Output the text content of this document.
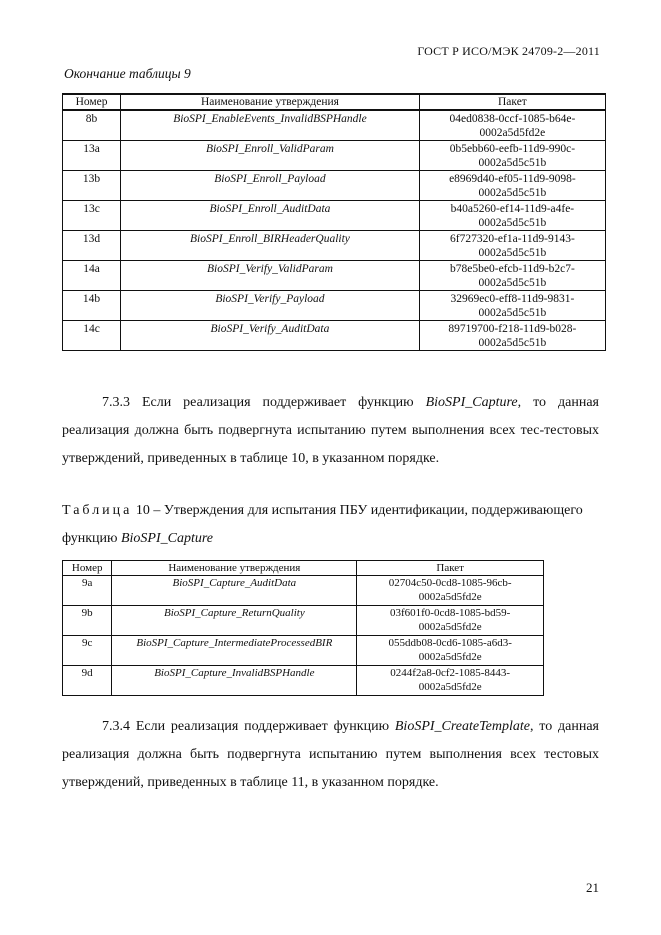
ГОСТ Р ИСО/МЭК 24709-2—2011
Окончание таблицы 9
Номер	Наименование утверждения	Пакет
8b	BioSPI_EnableEvents_InvalidBSPHandle	04ed0838-0ccf-1085-b64e-
0002a5d5fd2e

13a	BioSPI_Enroll_ValidParam	0b5ebb60-eefb-11d9-990c-
0002a5d5c51b

13b	BioSPI_Enroll_Payload	e8969d40-ef05-11d9-9098-
0002a5d5c51b

13c	BioSPI_Enroll_AuditData	b40a5260-ef14-11d9-a4fe-
0002a5d5c51b

13d	BioSPI_Enroll_BIRHeaderQuality	6f727320-ef1a-11d9-9143-
0002a5d5c51b

14a	BioSPI_Verify_ValidParam	b78e5be0-efcb-11d9-b2c7-
0002a5d5c51b

14b	BioSPI_Verify_Payload	32969ec0-eff8-11d9-9831-
0002a5d5c51b

14c	BioSPI_Verify_AuditData	89719700-f218-11d9-b028-
0002a5d5c51b

7.3.3 Если реализация поддерживает функцию BioSPI_Capture, то данная реализация должна быть подвергнута испытанию путем выполнения всех тес-тестовых утверждений, приведенных в таблице 10, в указанном порядке.

Таблица 10 – Утверждения для испытания ПБУ идентификации, поддерживающего функцию BioSPI_Capture
Номер	Наименование утверждения	Пакет
9a	BioSPI_Capture_AuditData	02704c50-0cd8-1085-96cb-
0002a5d5fd2e

9b	BioSPI_Capture_ReturnQuality	03f601f0-0cd8-1085-bd59-
0002a5d5fd2e

9c	BioSPI_Capture_IntermediateProcessedBIR	055ddb08-0cd6-1085-a6d3-
0002a5d5fd2e

9d	BioSPI_Capture_InvalidBSPHandle	0244f2a8-0cf2-1085-8443-
0002a5d5fd2e

7.3.4 Если реализация поддерживает функцию BioSPI_CreateTemplate, то данная реализация должна быть подвергнута испытанию путем выполнения всех тестовых утверждений, приведенных в таблице 11, в указанном порядке.

21
